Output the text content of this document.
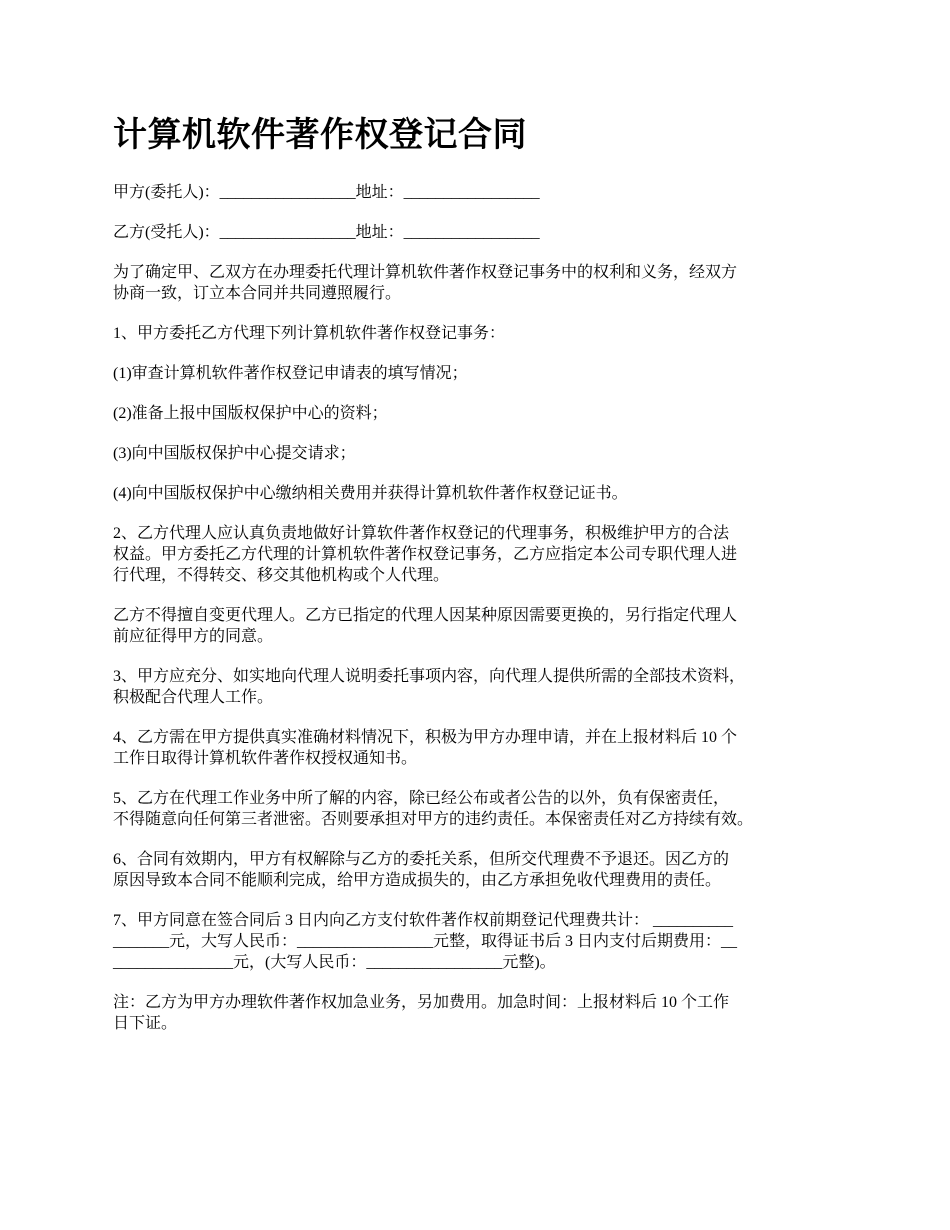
计算机软件著作权登记合同

甲方(委托人)：_________________地址：_________________

乙方(受托人)：_________________地址：_________________

为了确定甲、乙双方在办理委托代理计算机软件著作权登记事务中的权利和义务，经双方
协商一致，订立本合同并共同遵照履行。

1、甲方委托乙方代理下列计算机软件著作权登记事务：

(1)审查计算机软件著作权登记申请表的填写情况；

(2)准备上报中国版权保护中心的资料；

(3)向中国版权保护中心提交请求；

(4)向中国版权保护中心缴纳相关费用并获得计算机软件著作权登记证书。

2、乙方代理人应认真负责地做好计算软件著作权登记的代理事务，积极维护甲方的合法
权益。甲方委托乙方代理的计算机软件著作权登记事务，乙方应指定本公司专职代理人进
行代理，不得转交、移交其他机构或个人代理。

乙方不得擅自变更代理人。乙方已指定的代理人因某种原因需要更换的，另行指定代理人
前应征得甲方的同意。

3、甲方应充分、如实地向代理人说明委托事项内容，向代理人提供所需的全部技术资料，
积极配合代理人工作。

4、乙方需在甲方提供真实准确材料情况下，积极为甲方办理申请，并在上报材料后 10 个
工作日取得计算机软件著作权授权通知书。

5、乙方在代理工作业务中所了解的内容，除已经公布或者公告的以外，负有保密责任，
不得随意向任何第三者泄密。否则要承担对甲方的违约责任。本保密责任对乙方持续有效。

6、合同有效期内，甲方有权解除与乙方的委托关系，但所交代理费不予退还。因乙方的
原因导致本合同不能顺利完成，给甲方造成损失的，由乙方承担免收代理费用的责任。

7、甲方同意在签合同后 3 日内向乙方支付软件著作权前期登记代理费共计： __________
_______元，大写人民币：_________________元整，取得证书后 3 日内支付后期费用：__
_______________元，(大写人民币：_________________元整)。

注：乙方为甲方办理软件著作权加急业务，另加费用。加急时间：上报材料后 10 个工作
日下证。
